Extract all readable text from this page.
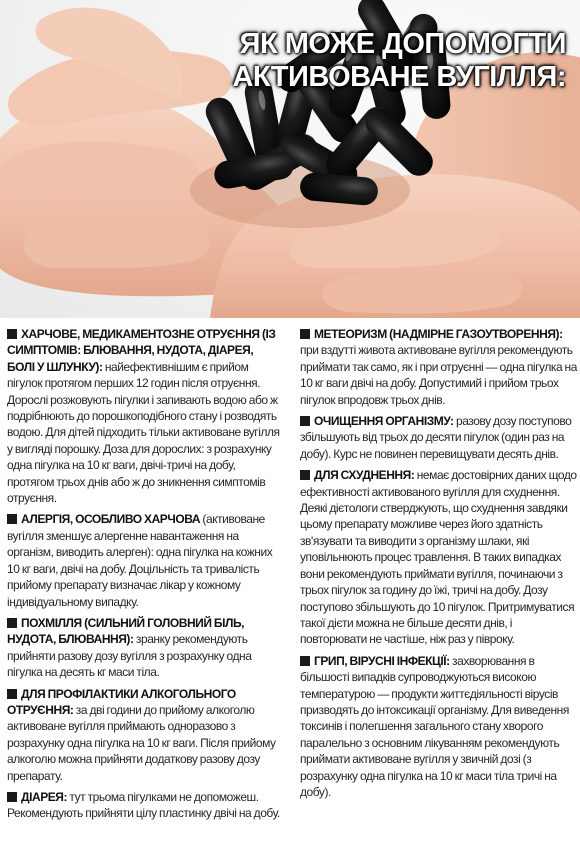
ЯК МОЖЕ ДОПОМОГТИ
АКТИВОВАНЕ ВУГІЛЛЯ:

ХАРЧОВЕ, МЕДИКАМЕНТОЗНЕ ОТРУЄННЯ (ІЗ СИМПТОМІВ: БЛЮВАННЯ, НУДОТА, ДІАРЕЯ, БОЛІ У ШЛУНКУ): найефективнішим є прийом пігулок протягом перших 12 годин після отруєння. Дорослі розжовують пігулки і запивають водою або ж подрібнюють до порошкоподібного стану і розводять водою. Для дітей підходить тільки активоване вугілля у вигляді порошку. Доза для дорослих: з розрахунку одна пігулка на 10 кг ваги, двічі-тричі на добу, протягом трьох днів або ж до зникнення симптомів отруєння.

АЛЕРГІЯ, ОСОБЛИВО ХАРЧОВА (активоване вугілля зменшує алергенне навантаження на організм, виводить алерген): одна пігулка на кожних 10 кг ваги, двічі на добу. Доцільність та тривалість прийому препарату визначає лікар у кожному індивідуальному випадку.

ПОХМІЛЛЯ (СИЛЬНИЙ ГОЛОВНИЙ БІЛЬ, НУДОТА, БЛЮВАННЯ): зранку рекомендують прийняти разову дозу вугілля з розрахунку одна пігулка на десять кг маси тіла.

ДЛЯ ПРОФІЛАКТИКИ АЛКОГОЛЬНОГО ОТРУЄННЯ: за дві години до прийому алкоголю активоване вугілля приймають одноразово з розрахунку одна пігулка на 10 кг ваги. Після прийому алкоголю можна прийняти додаткову разову дозу препарату.

ДІАРЕЯ: тут трьома пігулками не допоможеш. Рекомендують прийняти цілу пластинку двічі на добу.

МЕТЕОРИЗМ (НАДМІРНЕ ГАЗОУТВОРЕННЯ): при вздутті живота активоване вугілля рекомендують приймати так само, як і при отруєнні — одна пігулка на 10 кг ваги двічі на добу. Допустимий і прийом трьох пігулок впродовж трьох днів.

ОЧИЩЕННЯ ОРГАНІЗМУ: разову дозу поступово збільшують від трьох до десяти пігулок (один раз на добу). Курс не повинен перевищувати десять днів.

ДЛЯ СХУДНЕННЯ: немає достовірних даних щодо ефективності активованого вугілля для схуднення. Деякі дієтологи стверджують, що схуднення завдяки цьому препарату можливе через його здатність зв'язувати та виводити з організму шлаки, які уповільнюють процес травлення. В таких випадках вони рекомендують приймати вугілля, починаючи з трьох пігулок за годину до їжі, тричі на добу. Дозу поступово збільшують до 10 пігулок. Притримуватися такої дієти можна не більше десяти днів, і повторювати не частіше, ніж раз у півроку.

ГРИП, ВІРУСНІ ІНФЕКЦІЇ: захворювання в більшості випадків супроводжуються високою температурою — продукти життєдіяльності вірусів призводять до інтоксикації організму. Для виведення токсинів і полегшення загального стану хворого паралельно з основним лікуванням рекомендують приймати активоване вугілля у звичній дозі (з розрахунку одна пігулка на 10 кг маси тіла тричі на добу).
